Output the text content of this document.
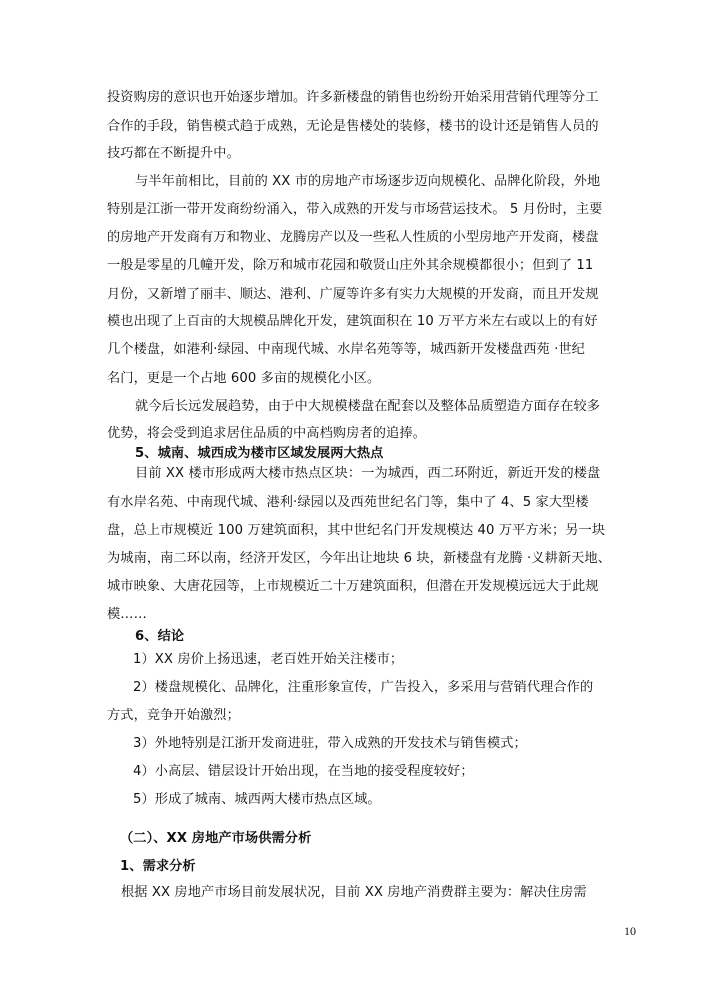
投资购房的意识也开始逐步增加。许多新楼盘的销售也纷纷开始采用营销代理等分工
合作的手段，销售模式趋于成熟，无论是售楼处的装修，楼书的设计还是销售人员的
技巧都在不断提升中。
与半年前相比，目前的 XX 市的房地产市场逐步迈向规模化、品牌化阶段，外地
特别是江浙一带开发商纷纷涌入，带入成熟的开发与市场营运技术。 5 月份时，主要
的房地产开发商有万和物业、龙腾房产以及一些私人性质的小型房地产开发商，楼盘
一般是零星的几幢开发，除万和城市花园和敬贤山庄外其余规模都很小；但到了 11
月份，又新增了丽丰、顺达、港利、广厦等许多有实力大规模的开发商，而且开发规
模也出现了上百亩的大规模品牌化开发，建筑面积在 10 万平方米左右或以上的有好
几个楼盘，如港利·绿园、中南现代城、水岸名苑等等，城西新开发楼盘西苑 ·世纪
名门，更是一个占地 600 多亩的规模化小区。
就今后长远发展趋势，由于中大规模楼盘在配套以及整体品质塑造方面存在较多
优势，将会受到追求居住品质的中高档购房者的追捧。
5、城南、城西成为楼市区域发展两大热点
目前 XX 楼市形成两大楼市热点区块：一为城西，西二环附近，新近开发的楼盘
有水岸名苑、中南现代城、港利·绿园以及西苑世纪名门等，集中了 4、5 家大型楼
盘，总上市规模近 100 万建筑面积，其中世纪名门开发规模达 40 万平方米；另一块
为城南，南二环以南，经济开发区，今年出让地块 6 块，新楼盘有龙腾 ·义耕新天地、
城市映象、大唐花园等，上市规模近二十万建筑面积，但潜在开发规模远远大于此规
模……
6、结论
1）XX 房价上扬迅速，老百姓开始关注楼市；
2）楼盘规模化、品牌化，注重形象宣传，广告投入，多采用与营销代理合作的
方式，竞争开始激烈；
3）外地特别是江浙开发商进驻，带入成熟的开发技术与销售模式；
4）小高层、错层设计开始出现，在当地的接受程度较好；
5）形成了城南、城西两大楼市热点区域。
（二）、XX 房地产市场供需分析
1、需求分析
根据 XX 房地产市场目前发展状况，目前 XX 房地产消费群主要为：解决住房需
10
